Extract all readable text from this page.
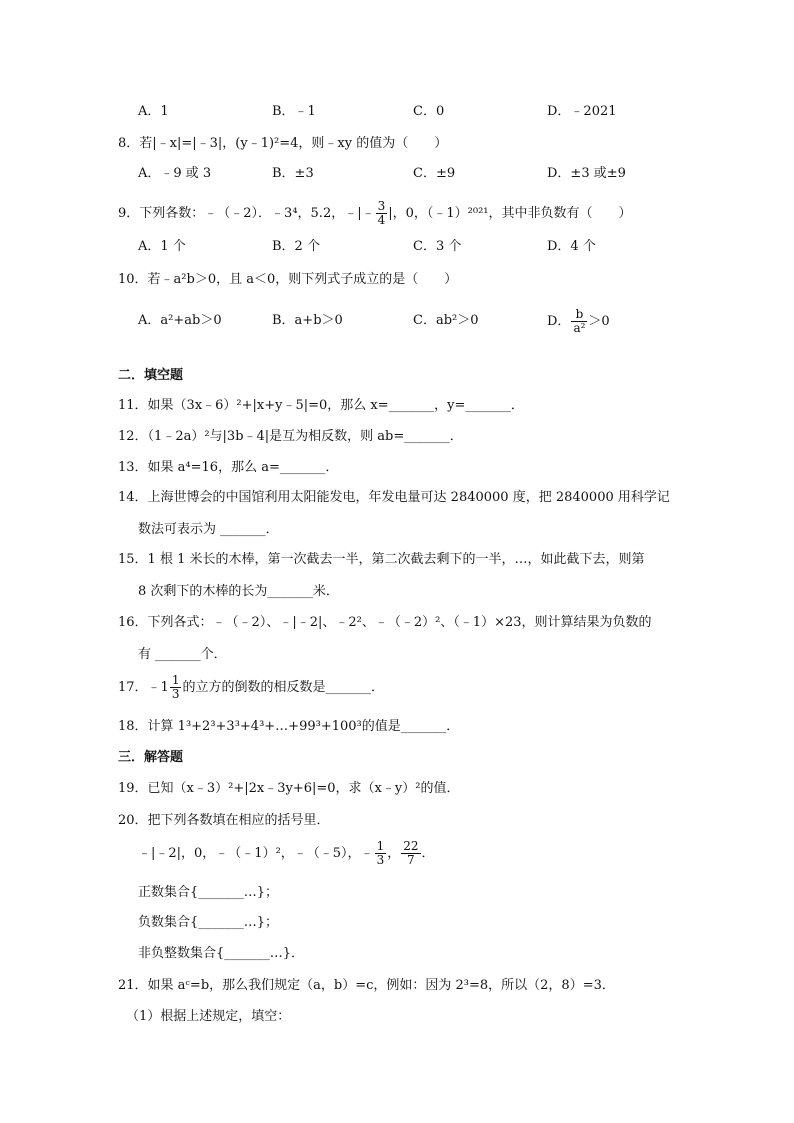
A．1	B．﹣1	C．0	D．﹣2021
8．若|﹣x|=|﹣3|，(y﹣1)²=4，则﹣xy 的值为（　　）
A．﹣9 或 3	B．±3	C．±9	D．±3 或±9
9．下列各数：﹣（﹣2）．﹣3⁴，5.2，﹣|﹣ $\frac{3}{4}$ |，0，（﹣1）²⁰²¹，其中非负数有（　　）
A．1 个	B．2 个	C．3 个	D．4 个
10．若﹣a²b＞0，且 a＜0，则下列式子成立的是（　　）
A．a²+ab＞0	B．a+b＞0	C．ab²＞0	D． $\frac{b}{\text{a²}} >0$
二．填空题
11．如果（3x﹣6）²+|x+y﹣5|=0，那么 x=_______，y=_______．
12．（1﹣2a）²与|3b﹣4|是互为相反数，则 ab=_______．
13．如果 a⁴=16，那么 a=_______．
14．上海世博会的中国馆利用太阳能发电，年发电量可达 2840000 度，把 2840000 用科学记
数法可表示为 _______．
15．1 根 1 米长的木棒，第一次截去一半，第二次截去剩下的一半，…，如此截下去，则第
8 次剩下的木棒的长为_______米．
16．下列各式：﹣（﹣2）、﹣|﹣2|、﹣2²、﹣（﹣2）²、（﹣1）×23，则计算结果为负数的
有 _______个．
17．﹣1 $\frac{1}{3}$ 的立方的倒数的相反数是_______．
18．计算 1³+2³+3³+4³+…+99³+100³的值是_______．
三．解答题
19．已知（x﹣3）²+|2x﹣3y+6|=0，求（x﹣y）²的值．
20．把下列各数填在相应的括号里．
﹣|﹣2|，0，﹣（﹣1）²，﹣（﹣5），﹣ $\frac{1}{3}$ ， $\frac{22}{7}$ ．
正数集合{_______…}；
负数集合{_______…}；
非负整数集合{_______…}．
21．如果 aᶜ=b，那么我们规定（a，b）=c，例如：因为 2³=8，所以（2，8）=3．
（1）根据上述规定，填空：
